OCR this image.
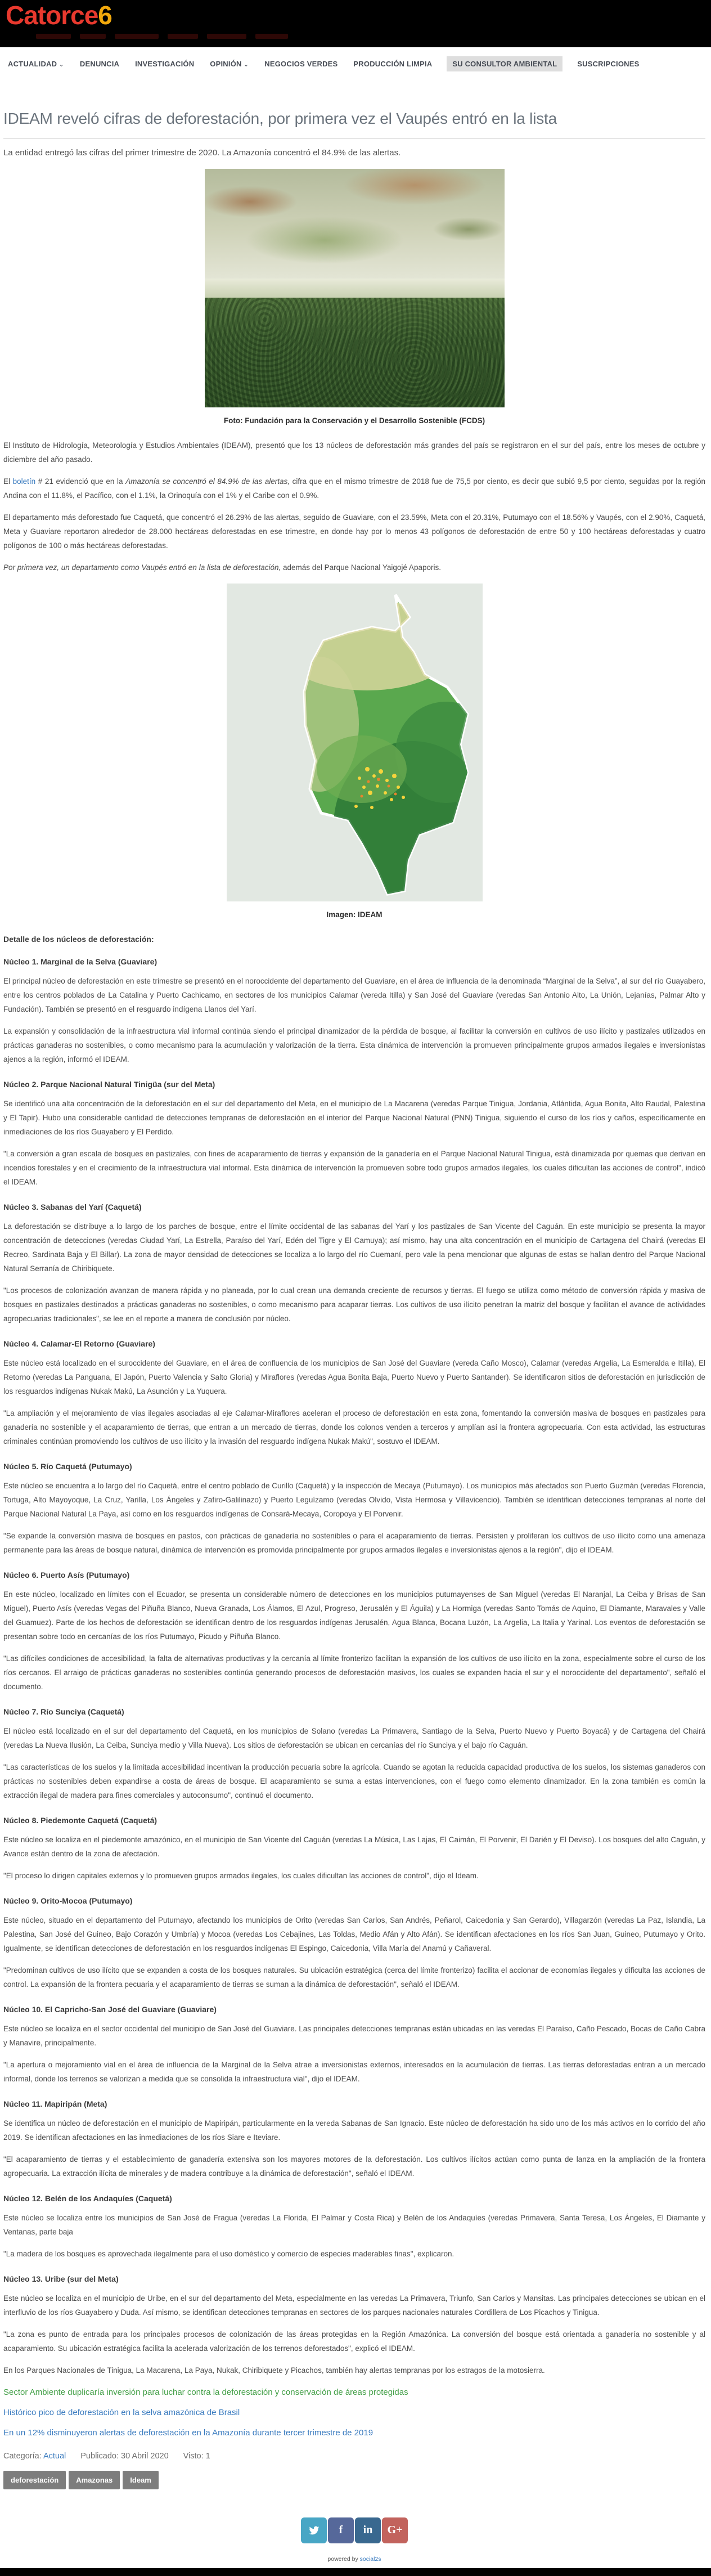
Catorce6
ACTUALIDAD ⌄ DENUNCIA INVESTIGACIÓN OPINIÓN ⌄ NEGOCIOS VERDES PRODUCCIÓN LIMPIA	SU CONSULTOR AMBIENTAL	SUSCRIPCIONES
IDEAM reveló cifras de deforestación, por primera vez el Vaupés entró en la lista

La entidad entregó las cifras del primer trimestre de 2020. La Amazonía concentró el 84.9% de las alertas.

Foto: Fundación para la Conservación y el Desarrollo Sostenible (FCDS)

El Instituto de Hidrología, Meteorología y Estudios Ambientales (IDEAM), presentó que los 13 núcleos de deforestación más grandes del país se registraron en el sur del país, entre los meses de octubre y diciembre del año pasado.

El boletín # 21 evidenció que en la Amazonía se concentró el 84.9% de las alertas, cifra que en el mismo trimestre de 2018 fue de 75,5 por ciento, es decir que subió 9,5 por ciento, seguidas por la región Andina con el 11.8%, el Pacífico, con el 1.1%, la Orinoquía con el 1% y el Caribe con el 0.9%.

El departamento más deforestado fue Caquetá, que concentró el 26.29% de las alertas, seguido de Guaviare, con el 23.59%, Meta con el 20.31%, Putumayo con el 18.56% y Vaupés, con el 2.90%, Caquetá, Meta y Guaviare reportaron alrededor de 28.000 hectáreas deforestadas en ese trimestre, en donde hay por lo menos 43 polígonos de deforestación de entre 50 y 100 hectáreas deforestadas y cuatro polígonos de 100 o más hectáreas deforestadas.

Por primera vez, un departamento como Vaupés entró en la lista de deforestación, además del Parque Nacional Yaigojé Apaporis.

Imagen: IDEAM
Detalle de los núcleos de deforestación:
Núcleo 1. Marginal de la Selva (Guaviare)

El principal núcleo de deforestación en este trimestre se presentó en el noroccidente del departamento del Guaviare, en el área de influencia de la denominada “Marginal de la Selva”, al sur del río Guayabero, entre los centros poblados de La Catalina y Puerto Cachicamo, en sectores de los municipios Calamar (vereda Itilla) y San José del Guaviare (veredas San Antonio Alto, La Unión, Lejanías, Palmar Alto y Fundación). También se presentó en el resguardo indígena Llanos del Yarí.

La expansión y consolidación de la infraestructura vial informal continúa siendo el principal dinamizador de la pérdida de bosque, al facilitar la conversión en cultivos de uso ilícito y pastizales utilizados en prácticas ganaderas no sostenibles, o como mecanismo para la acumulación y valorización de la tierra. Esta dinámica de intervención la promueven principalmente grupos armados ilegales e inversionistas ajenos a la región, informó el IDEAM.

Núcleo 2. Parque Nacional Natural Tinigüa (sur del Meta)

Se identificó una alta concentración de la deforestación en el sur del departamento del Meta, en el municipio de La Macarena (veredas Parque Tinigua, Jordania, Atlántida, Agua Bonita, Alto Raudal, Palestina y El Tapir). Hubo una considerable cantidad de detecciones tempranas de deforestación en el interior del Parque Nacional Natural (PNN) Tinigua, siguiendo el curso de los ríos y caños, específicamente en inmediaciones de los ríos Guayabero y El Perdido.

"La conversión a gran escala de bosques en pastizales, con fines de acaparamiento de tierras y expansión de la ganadería en el Parque Nacional Natural Tinigua, está dinamizada por quemas que derivan en incendios forestales y en el crecimiento de la infraestructura vial informal. Esta dinámica de intervención la promueven sobre todo grupos armados ilegales, los cuales dificultan las acciones de control", indicó el IDEAM.

Núcleo 3. Sabanas del Yarí (Caquetá)

La deforestación se distribuye a lo largo de los parches de bosque, entre el límite occidental de las sabanas del Yarí y los pastizales de San Vicente del Caguán. En este municipio se presenta la mayor concentración de detecciones (veredas Ciudad Yarí, La Estrella, Paraíso del Yarí, Edén del Tigre y El Camuya); así mismo, hay una alta concentración en el municipio de Cartagena del Chairá (veredas El Recreo, Sardinata Baja y El Billar). La zona de mayor densidad de detecciones se localiza a lo largo del río Cuemaní, pero vale la pena mencionar que algunas de estas se hallan dentro del Parque Nacional Natural Serranía de Chiribiquete.

"Los procesos de colonización avanzan de manera rápida y no planeada, por lo cual crean una demanda creciente de recursos y tierras. El fuego se utiliza como método de conversión rápida y masiva de bosques en pastizales destinados a prácticas ganaderas no sostenibles, o como mecanismo para acaparar tierras. Los cultivos de uso ilícito penetran la matriz del bosque y facilitan el avance de actividades agropecuarias tradicionales", se lee en el reporte a manera de conclusión por núcleo.

Núcleo 4. Calamar-El Retorno (Guaviare)

Este núcleo está localizado en el suroccidente del Guaviare, en el área de confluencia de los municipios de San José del Guaviare (vereda Caño Mosco), Calamar (veredas Argelia, La Esmeralda e Itilla), El Retorno (veredas La Panguana, El Japón, Puerto Valencia y Salto Gloria) y Miraflores (veredas Agua Bonita Baja, Puerto Nuevo y Puerto Santander). Se identificaron sitios de deforestación en jurisdicción de los resguardos indígenas Nukak Makú, La Asunción y La Yuquera.

"La ampliación y el mejoramiento de vías ilegales asociadas al eje Calamar-Miraflores aceleran el proceso de deforestación en esta zona, fomentando la conversión masiva de bosques en pastizales para ganadería no sostenible y el acaparamiento de tierras, que entran a un mercado de tierras, donde los colonos venden a terceros y amplían así la frontera agropecuaria. Con esta actividad, las estructuras criminales continúan promoviendo los cultivos de uso ilícito y la invasión del resguardo indígena Nukak Makú", sostuvo el IDEAM.

Núcleo 5. Río Caquetá (Putumayo)

Este núcleo se encuentra a lo largo del río Caquetá, entre el centro poblado de Curillo (Caquetá) y la inspección de Mecaya (Putumayo). Los municipios más afectados son Puerto Guzmán (veredas Florencia, Tortuga, Alto Mayoyoque, La Cruz, Yarilla, Los Ángeles y Zafiro-Galilinazo) y Puerto Leguízamo (veredas Olvido, Vista Hermosa y Villavicencio). También se identifican detecciones tempranas al norte del Parque Nacional Natural La Paya, así como en los resguardos indígenas de Consará-Mecaya, Coropoya y El Porvenir.

"Se expande la conversión masiva de bosques en pastos, con prácticas de ganadería no sostenibles o para el acaparamiento de tierras. Persisten y proliferan los cultivos de uso ilícito como una amenaza permanente para las áreas de bosque natural, dinámica de intervención es promovida principalmente por grupos armados ilegales e inversionistas ajenos a la región", dijo el IDEAM.

Núcleo 6. Puerto Asís (Putumayo)

En este núcleo, localizado en límites con el Ecuador, se presenta un considerable número de detecciones en los municipios putumayenses de San Miguel (veredas El Naranjal, La Ceiba y Brisas de San Miguel), Puerto Asís (veredas Vegas del Piñuña Blanco, Nueva Granada, Los Álamos, El Azul, Progreso, Jerusalén y El Águila) y La Hormiga (veredas Santo Tomás de Aquino, El Diamante, Maravales y Valle del Guamuez). Parte de los hechos de deforestación se identifican dentro de los resguardos indígenas Jerusalén, Agua Blanca, Bocana Luzón, La Argelia, La Italia y Yarinal. Los eventos de deforestación se presentan sobre todo en cercanías de los ríos Putumayo, Picudo y Piñuña Blanco.

"Las difíciles condiciones de accesibilidad, la falta de alternativas productivas y la cercanía al límite fronterizo facilitan la expansión de los cultivos de uso ilícito en la zona, especialmente sobre el curso de los ríos cercanos. El arraigo de prácticas ganaderas no sostenibles continúa generando procesos de deforestación masivos, los cuales se expanden hacia el sur y el noroccidente del departamento", señaló el documento.

Núcleo 7. Río Sunciya (Caquetá)

El núcleo está localizado en el sur del departamento del Caquetá, en los municipios de Solano (veredas La Primavera, Santiago de la Selva, Puerto Nuevo y Puerto Boyacá) y de Cartagena del Chairá (veredas La Nueva Ilusión, La Ceiba, Sunciya medio y Villa Nueva). Los sitios de deforestación se ubican en cercanías del río Sunciya y el bajo río Caguán.

"Las características de los suelos y la limitada accesibilidad incentivan la producción pecuaria sobre la agrícola. Cuando se agotan la reducida capacidad productiva de los suelos, los sistemas ganaderos con prácticas no sostenibles deben expandirse a costa de áreas de bosque. El acaparamiento se suma a estas intervenciones, con el fuego como elemento dinamizador. En la zona también es común la extracción ilegal de madera para fines comerciales y autoconsumo", continuó el documento.

Núcleo 8. Piedemonte Caquetá (Caquetá)

Este núcleo se localiza en el piedemonte amazónico, en el municipio de San Vicente del Caguán (veredas La Música, Las Lajas, El Caimán, El Porvenir, El Darién y El Deviso). Los bosques del alto Caguán, y Avance están dentro de la zona de afectación.

"El proceso lo dirigen capitales externos y lo promueven grupos armados ilegales, los cuales dificultan las acciones de control", dijo el Ideam.

Núcleo 9. Orito-Mocoa (Putumayo)

Este núcleo, situado en el departamento del Putumayo, afectando los municipios de Orito (veredas San Carlos, San Andrés, Peñarol, Caicedonia y San Gerardo), Villagarzón (veredas La Paz, Islandia, La Palestina, San José del Guineo, Bajo Corazón y Umbría) y Mocoa (veredas Los Cebajines, Las Toldas, Medio Afán y Alto Afán). Se identifican afectaciones en los ríos San Juan, Guineo, Putumayo y Orito. Igualmente, se identifican detecciones de deforestación en los resguardos indígenas El Espingo, Caicedonia, Villa María del Anamú y Cañaveral.

"Predominan cultivos de uso ilícito que se expanden a costa de los bosques naturales. Su ubicación estratégica (cerca del límite fronterizo) facilita el accionar de economías ilegales y dificulta las acciones de control. La expansión de la frontera pecuaria y el acaparamiento de tierras se suman a la dinámica de deforestación", señaló el IDEAM.

Núcleo 10. El Capricho-San José del Guaviare (Guaviare)

Este núcleo se localiza en el sector occidental del municipio de San José del Guaviare. Las principales detecciones tempranas están ubicadas en las veredas El Paraíso, Caño Pescado, Bocas de Caño Cabra y Manavire, principalmente.

"La apertura o mejoramiento vial en el área de influencia de la Marginal de la Selva atrae a inversionistas externos, interesados en la acumulación de tierras. Las tierras deforestadas entran a un mercado informal, donde los terrenos se valorizan a medida que se consolida la infraestructura vial", dijo el IDEAM.

Núcleo 11. Mapiripán (Meta)

Se identifica un núcleo de deforestación en el municipio de Mapiripán, particularmente en la vereda Sabanas de San Ignacio. Este núcleo de deforestación ha sido uno de los más activos en lo corrido del año 2019. Se identifican afectaciones en las inmediaciones de los ríos Siare e Iteviare.

"El acaparamiento de tierras y el establecimiento de ganadería extensiva son los mayores motores de la deforestación. Los cultivos ilícitos actúan como punta de lanza en la ampliación de la frontera agropecuaria. La extracción ilícita de minerales y de madera contribuye a la dinámica de deforestación", señaló el IDEAM.

Núcleo 12. Belén de los Andaquíes (Caquetá)

Este núcleo se localiza entre los municipios de San José de Fragua (veredas La Florida, El Palmar y Costa Rica) y Belén de los Andaquíes (veredas Primavera, Santa Teresa, Los Ángeles, El Diamante y Ventanas, parte baja

"La madera de los bosques es aprovechada ilegalmente para el uso doméstico y comercio de especies maderables finas", explicaron.

Núcleo 13. Uribe (sur del Meta)

Este núcleo se localiza en el municipio de Uribe, en el sur del departamento del Meta, especialmente en las veredas La Primavera, Triunfo, San Carlos y Mansitas. Las principales detecciones se ubican en el interfluvio de los ríos Guayabero y Duda. Así mismo, se identifican detecciones tempranas en sectores de los parques nacionales naturales Cordillera de Los Picachos y Tinigua.

"La zona es punto de entrada para los principales procesos de colonización de las áreas protegidas en la Región Amazónica. La conversión del bosque está orientada a ganadería no sostenible y al acaparamiento. Su ubicación estratégica facilita la acelerada valorización de los terrenos deforestados", explicó el IDEAM.

En los Parques Nacionales de Tinigua, La Macarena, La Paya, Nukak, Chiribiquete y Picachos, también hay alertas tempranas por los estragos de la motosierra.

Sector Ambiente duplicaría inversión para luchar contra la deforestación y conservación de áreas protegidas

Histórico pico de deforestación en la selva amazónica de Brasil

En un 12% disminuyeron alertas de deforestación en la Amazonía durante tercer trimestre de 2019

Categoría: Actual Publicado: 30 Abril 2020 Visto: 1
deforestación Amazonas Ideam
f in G+
powered by social2s
